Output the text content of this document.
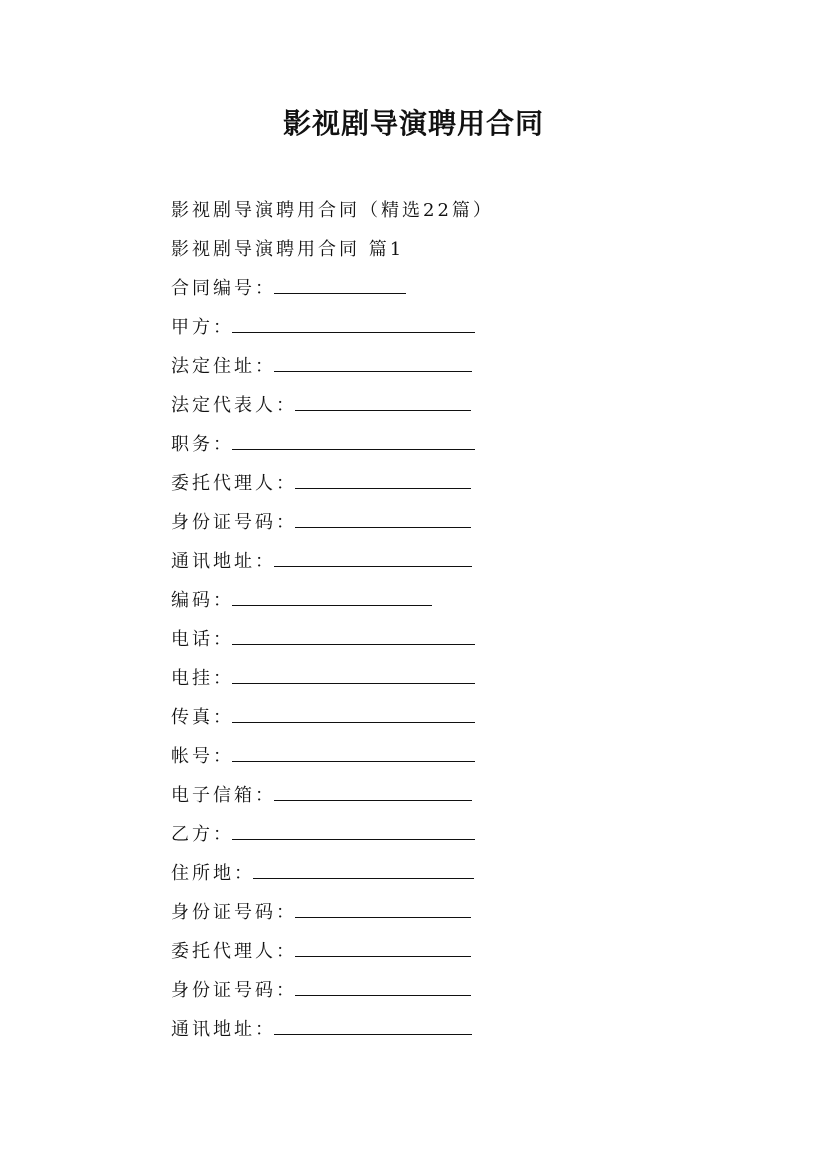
影视剧导演聘用合同
影视剧导演聘用合同（精选22篇）
影视剧导演聘用合同 篇1
合同编号：
甲方：
法定住址：
法定代表人：
职务：
委托代理人：
身份证号码：
通讯地址：
编码：
电话：
电挂：
传真：
帐号：
电子信箱：
乙方：
住所地：
身份证号码：
委托代理人：
身份证号码：
通讯地址：
